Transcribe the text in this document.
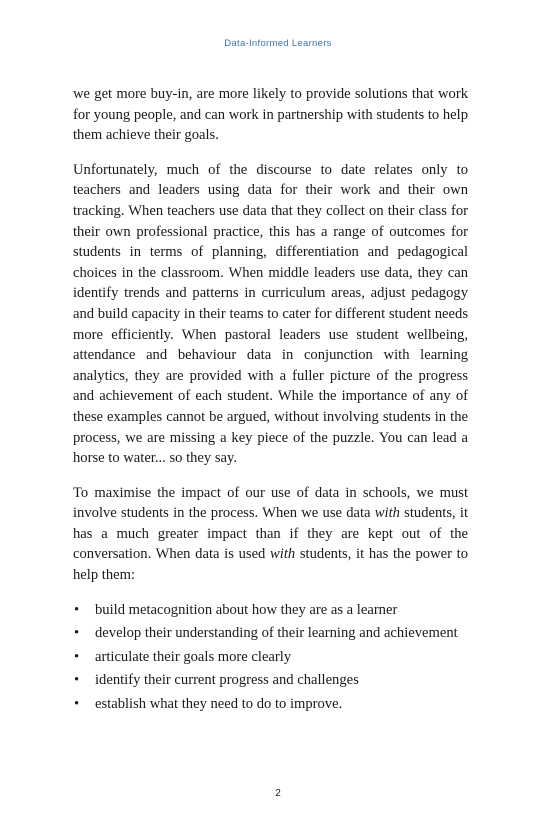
Data-Informed Learners

we get more buy-in, are more likely to provide solutions that work for young people, and can work in partnership with students to help them achieve their goals.

Unfortunately, much of the discourse to date relates only to teachers and leaders using data for their work and their own tracking. When teachers use data that they collect on their class for their own professional practice, this has a range of outcomes for students in terms of planning, differentiation and pedagogical choices in the classroom. When middle leaders use data, they can identify trends and patterns in curriculum areas, adjust pedagogy and build capacity in their teams to cater for different student needs more efficiently. When pastoral leaders use student wellbeing, attendance and behaviour data in conjunction with learning analytics, they are provided with a fuller picture of the progress and achievement of each student. While the importance of any of these examples cannot be argued, without involving students in the process, we are missing a key piece of the puzzle. You can lead a horse to water... so they say.

To maximise the impact of our use of data in schools, we must involve students in the process. When we use data with students, it has a much greater impact than if they are kept out of the conversation. When data is used with students, it has the power to help them:

• build metacognition about how they are as a learner
• develop their understanding of their learning and achievement
• articulate their goals more clearly
• identify their current progress and challenges
• establish what they need to do to improve.
2
